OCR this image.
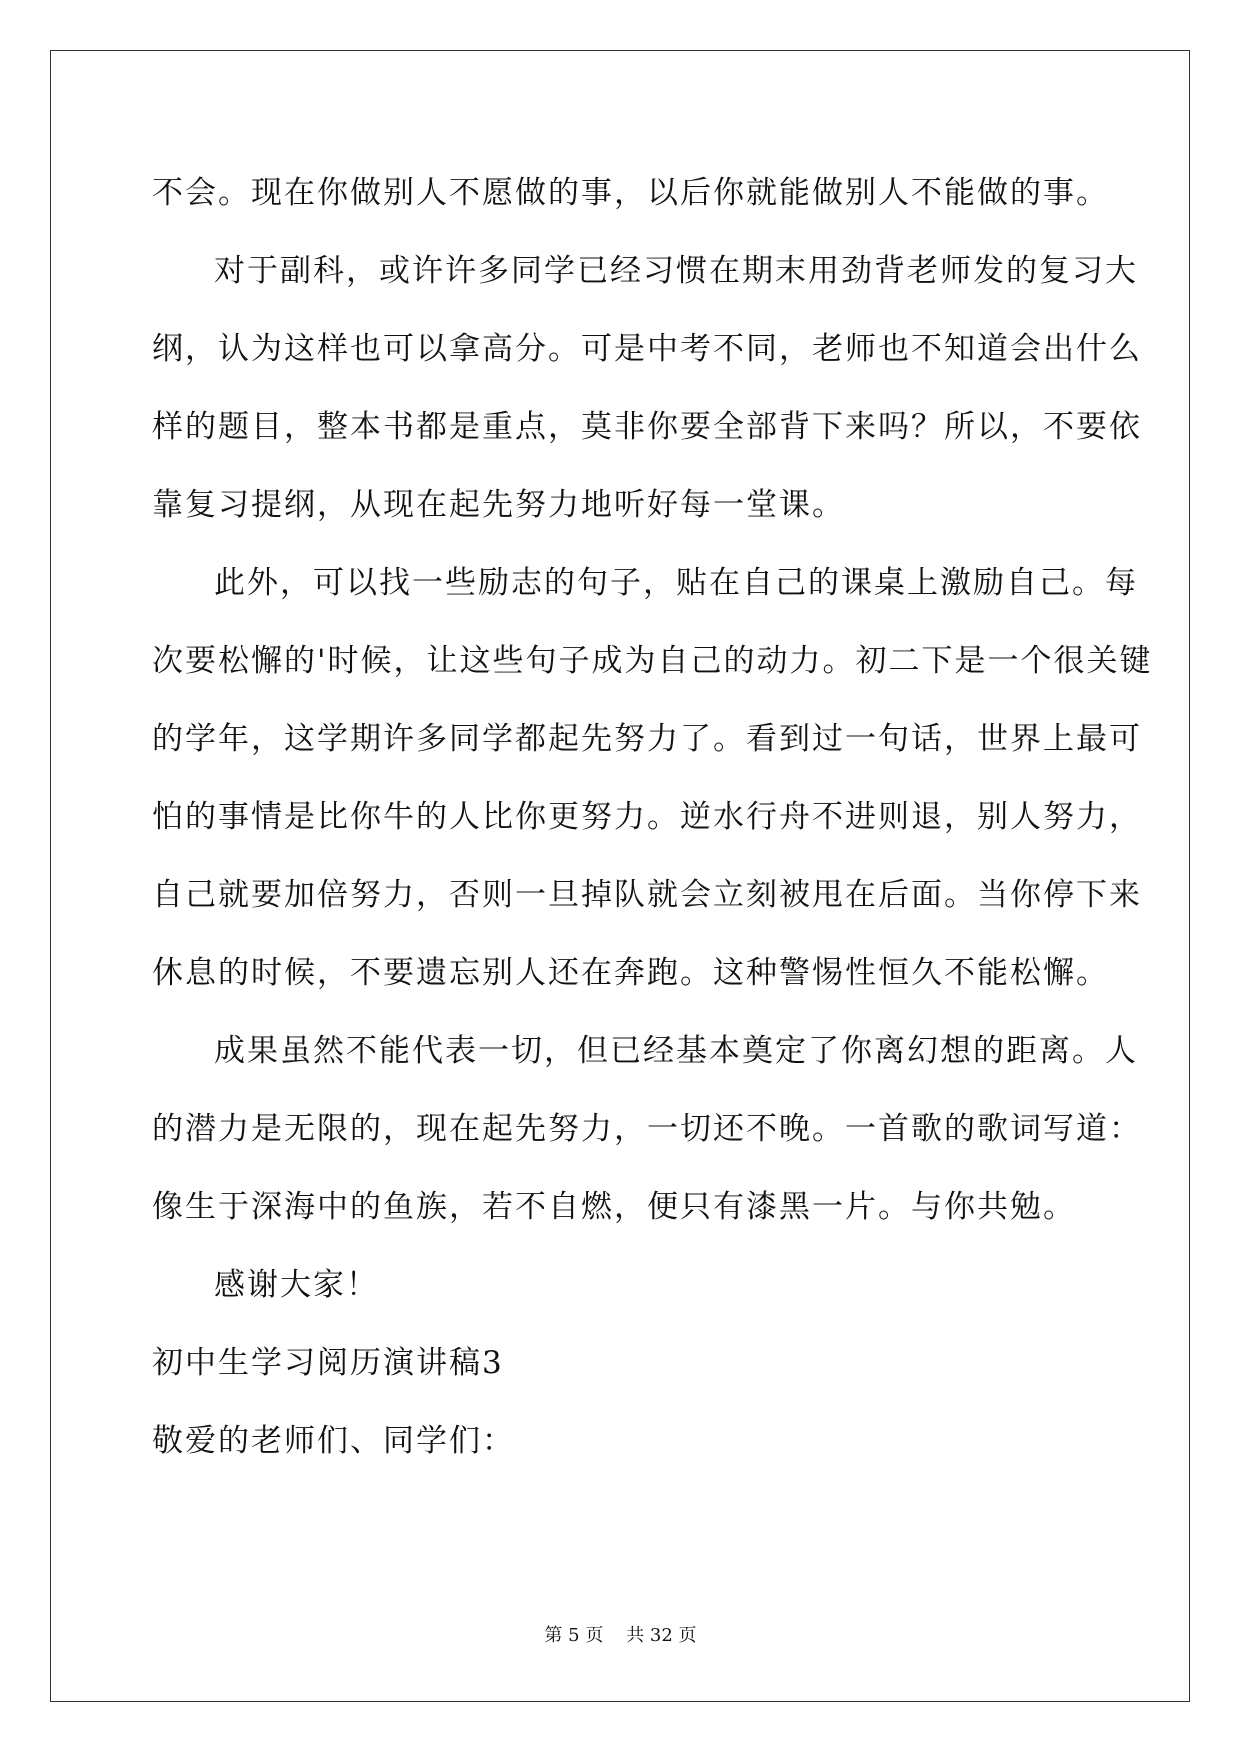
不会。现在你做别人不愿做的事，以后你就能做别人不能做的事。
对于副科，或许许多同学已经习惯在期末用劲背老师发的复习大
纲，认为这样也可以拿高分。可是中考不同，老师也不知道会出什么
样的题目，整本书都是重点，莫非你要全部背下来吗？所以，不要依
靠复习提纲，从现在起先努力地听好每一堂课。
此外，可以找一些励志的句子，贴在自己的课桌上激励自己。每
次要松懈的'时候，让这些句子成为自己的动力。初二下是一个很关键
的学年，这学期许多同学都起先努力了。看到过一句话，世界上最可
怕的事情是比你牛的人比你更努力。逆水行舟不进则退，别人努力，
自己就要加倍努力，否则一旦掉队就会立刻被甩在后面。当你停下来
休息的时候，不要遗忘别人还在奔跑。这种警惕性恒久不能松懈。
成果虽然不能代表一切，但已经基本奠定了你离幻想的距离。人
的潜力是无限的，现在起先努力，一切还不晚。一首歌的歌词写道：
像生于深海中的鱼族，若不自燃，便只有漆黑一片。与你共勉。
感谢大家！
初中生学习阅历演讲稿3
敬爱的老师们、同学们：
第 5 页    共 32 页
